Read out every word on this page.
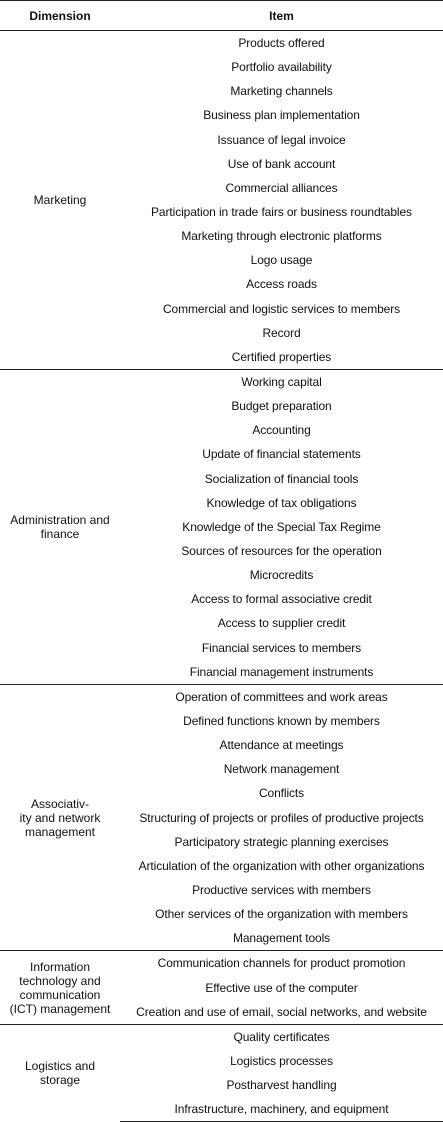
Dimension	Item
Marketing	Products offered
	Portfolio availability
	Marketing channels
	Business plan implementation
	Issuance of legal invoice
	Use of bank account
	Commercial alliances
	Participation in trade fairs or business roundtables
	Marketing through electronic platforms
	Logo usage
	Access roads
	Commercial and logistic services to members
	Record
	Certified properties
Administration and
finance	Working capital
	Budget preparation
	Accounting
	Update of financial statements
	Socialization of financial tools
	Knowledge of tax obligations
	Knowledge of the Special Tax Regime
	Sources of resources for the operation
	Microcredits
	Access to formal associative credit
	Access to supplier credit
	Financial services to members
	Financial management instruments
Associativ-
ity and network
management	Operation of committees and work areas
	Defined functions known by members
	Attendance at meetings
	Network management
	Conflicts
	Structuring of projects or profiles of productive projects
	Participatory strategic planning exercises
	Articulation of the organization with other organizations
	Productive services with members
	Other services of the organization with members
	Management tools
Information
technology and
communication
(ICT) management	Communication channels for product promotion
	Effective use of the computer
	Creation and use of email, social networks, and website
Logistics and
storage	Quality certificates
	Logistics processes
	Postharvest handling
	Infrastructure, machinery, and equipment
